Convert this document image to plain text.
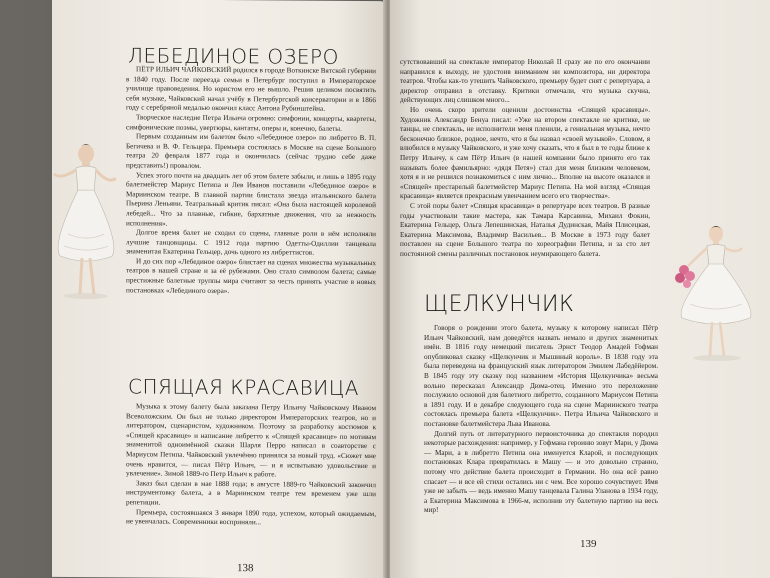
ЛЕБЕДИНОЕ ОЗЕРО

ПЁТР ИЛЬИЧ ЧАЙКОВСКИЙ родился в городе Воткинске Вятской губернии в 1840 году. После переезда семьи в Петербург поступил в Императорское училище правоведения. Но юристом его не вышло. Решив целиком посвятить себя музыке, Чайковский начал учёбу в Петербургской консерватории и в 1866 году с серебряной медалью окончил класс Антона Рубинштейна.

Творческое наследие Петра Ильича огромно: симфонии, концерты, квартеты, симфонические поэмы, увертюры, кантаты, оперы и, конечно, балеты.

Первым созданным им балетом было «Лебединое озеро» по либретто В. П. Бегичева и В. Ф. Гельцера. Премьера состоялась в Москве на сцене Большого театра 20 февраля 1877 года и окончилась (сейчас трудно себе даже представить!) провалом.

Успех этого почти на двадцать лет об этом балете забыли, и лишь в 1895 году балетмейстер Мариус Петипа и Лев Иванов поставили «Лебединое озеро» в Мариинском театре. В главной партии блистала звезда итальянского балета Пьерина Леньяни. Театральный критик писал: «Она была настоящей королевой лебедей... Что за плавные, гибкие, бархатные движения, что за нежность исполнения».

Долгое время балет не сходил со сцены, главные роли в нём исполняли лучшие танцовщицы. С 1912 года партию Одетты-Одиллии танцевала знаменитая Екатерина Гельцер, дочь одного из либреттистов.

И до сих пор «Лебединое озеро» блистает на сценах множества музыкальных театров в нашей стране и за её рубежами. Оно стало символом балета; самые престижные балетные труппы мира считают за честь принять участие в новых постановках «Лебединого озера».

СПЯЩАЯ КРАСАВИЦА

Музыка к этому балету была заказана Петру Ильичу Чайковскому Иваном Всеволожским. Он был не только директором Императорских театров, но и литератором, сценаристом, художником. Поэтому за разработку костюмов к «Спящей красавице» и написание либретто к «Спящей красавице» по мотивам знаменитой одноимённой сказки Шарля Перро написал в соавторстве с Мариусом Петипа. Чайковский увлечённо принялся за новый труд. «Сюжет мне очень нравится, — писал Пётр Ильич, — и я испытываю удовольствие и увлечение». Зимой 1889-го Петр Ильич к работе.

Заказ был сделан в мае 1888 года; в августе 1889-го Чайковский закончил инструментовку балета, а в Мариинском театре тем временем уже шли репетиции.

Премьера, состоявшаяся 3 января 1890 года, успехом, который ожидаемым, не увенчалась. Современники восприняли...

138

сутствовавший на спектакле император Николай II сразу же по его окончании направился к выходу, не удостоив вниманием ни композитора, ни директора театров. Чтобы как-то утешить Чайковского, премьеру будет снят с репертуара, а директор отправил в отставку. Критики отмечали, что музыка скучна, действующих лиц слишком много...

Но очень скоро зрители оценили достоинства «Спящей красавицы». Художник Александр Бенуа писал: «Уже на втором спектакле не критике, не танцы, не спектакль, не исполнители меня пленили, а гениальная музыка, нечто бесконечно близкое, родное, нечто, что я бы назвал «своей музыкой». Словом, я влюбился в музыку Чайковского, и уже хочу сказать, что я был в те годы ближе к Петру Ильичу, к сам Пётр Ильич (в нашей компании было принято его так называть более фамильярно: «дядя Петя») стал для меня близким человеком, хотя я и не решился познакомиться с ним лично... Вполне на высоте оказался и «Спящей» престарелый балетмейстер Мариус Петипа. На мой взгляд «Спящая красавица» является прекрасным увенчанием всего его творчества».

С этой поры балет «Спящая красавица» в репертуаре всех театров. В разные годы участвовали такие мастера, как Тамара Карсавина, Михаил Фокин, Екатерина Гельцер, Ольга Лепешинская, Наталья Дудинская, Майя Плисецкая, Екатерина Максимова, Владимир Васильев... В Москве в 1973 году балет поставлен на сцене Большого театра по хореографии Петипа, и за сто лет постоянной смены различных постановок неумирающего балета.

ЩЕЛКУНЧИК

Говоря о рождении этого балета, музыку к которому написал Пётр Ильич Чайковский, нам доведётся назвать немало и других знаменитых имён. В 1816 году немецкий писатель Эрнст Теодор Амадей Гофман опубликовал сказку «Щелкунчик и Мышиный король». В 1838 году эта была переведена на французский язык литератором Эмилем Лабедёйером. В 1845 году эту сказку под названием «История Щелкунчика» весьма вольно пересказал Александр Дюма-отец. Именно это переложение послужило основой для балетного либретто, созданного Мариусом Петипа в 1891 году. И в декабре следующего года на сцене Мариинского театра состоялась премьера балета «Щелкунчик». Петра Ильича Чайковского и постановке балетмейстера Льва Иванова.

Долгий путь от литературного первоисточника до спектакля породил некоторые расхождения: например, у Гофмана героиню зовут Мари, у Дюма — Мари, а в либретто Петипа она именуется Кларой, и последующих постановках Клара превратилась в Машу — и это довольно странно, потому что действие балета происходит в Германии. Но она всё равно спасает — и все ей стихи остались ни с чем. Все хорошо сочувствует. Имя уже не забыть — ведь именно Машу танцевала Галина Уланова в 1934 году, а Екатерина Максимова в 1966-м, исполнив эту балетную партию на весь мир!

139
